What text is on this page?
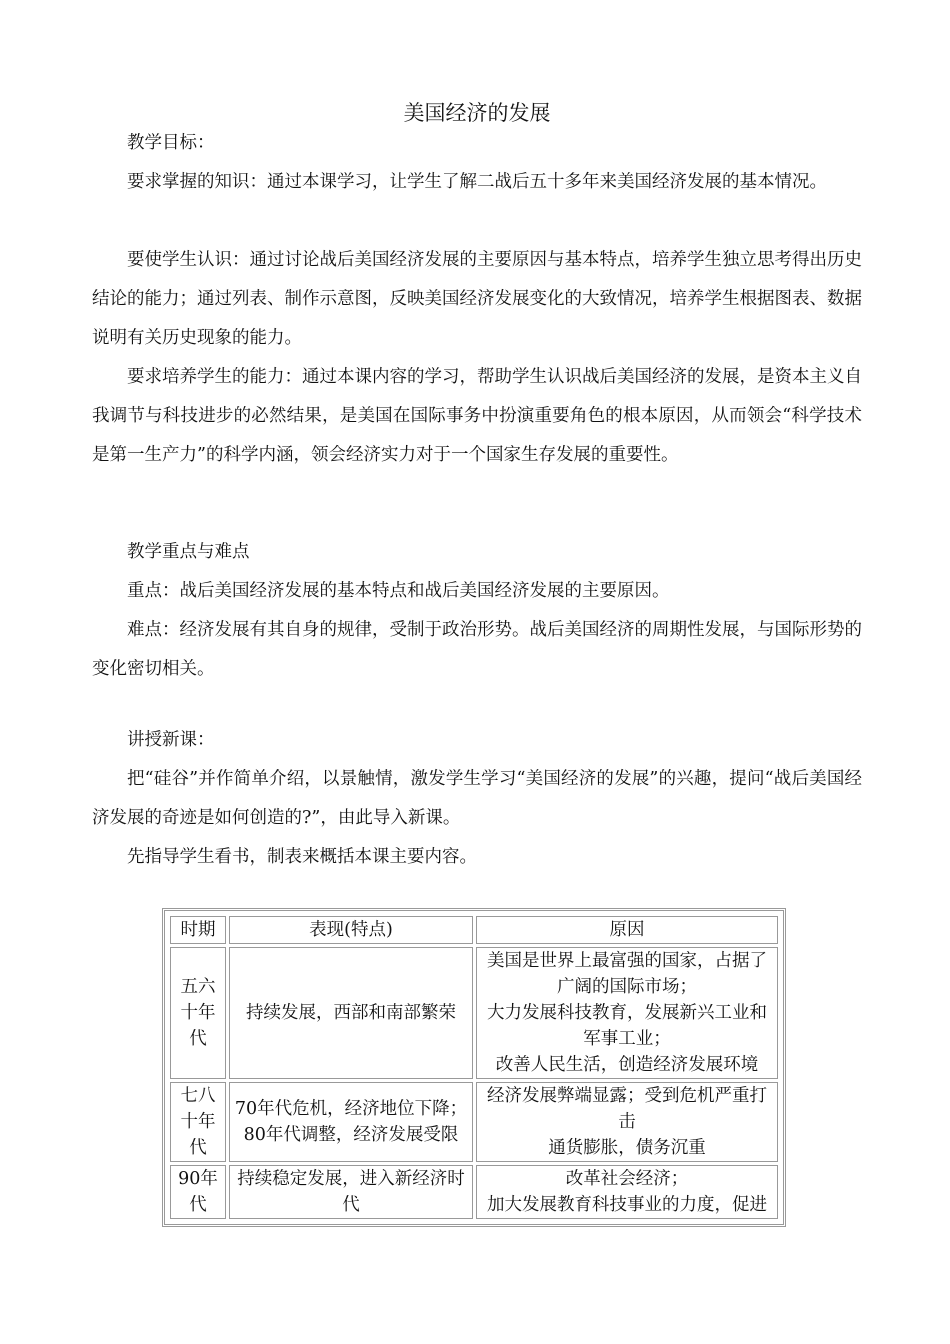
美国经济的发展
教学目标：
要求掌握的知识：通过本课学习，让学生了解二战后五十多年来美国经济发展的基本情况。
要使学生认识：通过讨论战后美国经济发展的主要原因与基本特点，培养学生独立思考得出历史结论的能力；通过列表、制作示意图，反映美国经济发展变化的大致情况，培养学生根据图表、数据说明有关历史现象的能力。
要求培养学生的能力：通过本课内容的学习，帮助学生认识战后美国经济的发展，是资本主义自我调节与科技进步的必然结果，是美国在国际事务中扮演重要角色的根本原因，从而领会“科学技术是第一生产力”的科学内涵，领会经济实力对于一个国家生存发展的重要性。
教学重点与难点
重点：战后美国经济发展的基本特点和战后美国经济发展的主要原因。
难点：经济发展有其自身的规律，受制于政治形势。战后美国经济的周期性发展，与国际形势的变化密切相关。
讲授新课：
把“硅谷”并作简单介绍，以景触情，激发学生学习“美国经济的发展”的兴趣，提问“战后美国经济发展的奇迹是如何创造的?”，由此导入新课。
先指导学生看书，制表来概括本课主要内容。
时期	表现(特点)	原因
五六十年代	持续发展，西部和南部繁荣	美国是世界上最富强的国家，占据了广阔的国际市场；
大力发展科技教育，发展新兴工业和军事工业；
改善人民生活，创造经济发展环境

七八十年代	70年代危机，经济地位下降；80年代调整，经济发展受限	经济发展弊端显露；受到危机严重打击
通货膨胀，债务沉重

90年代	持续稳定发展，进入新经济时代	改革社会经济；
加大发展教育科技事业的力度，促进
